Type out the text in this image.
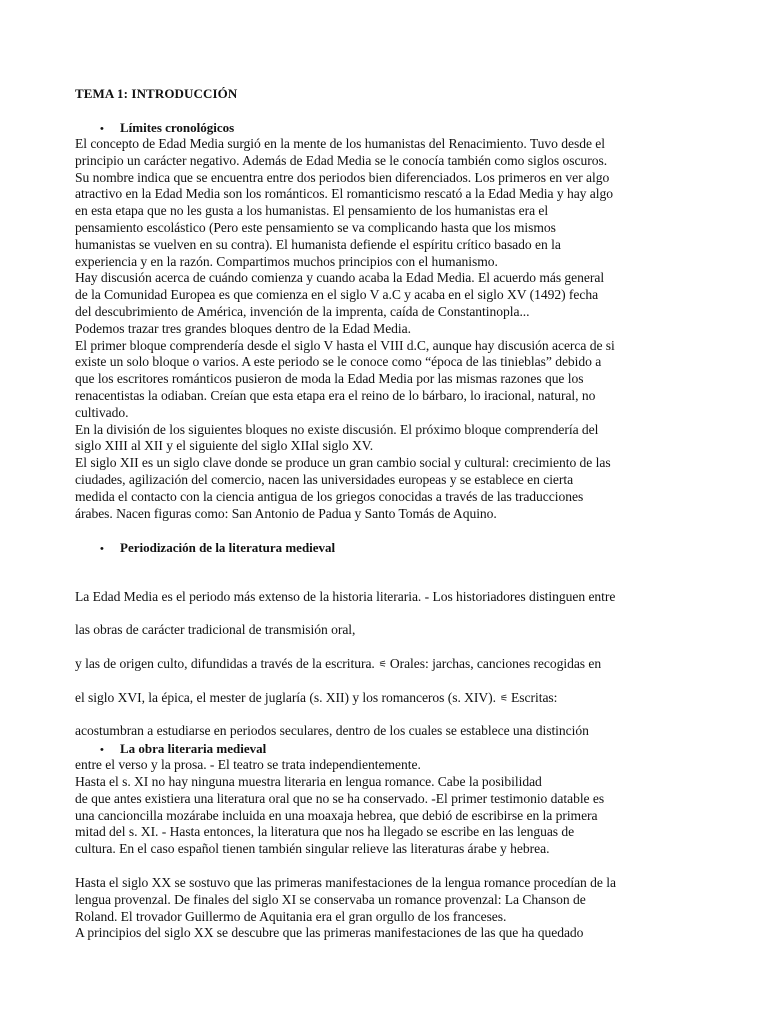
TEMA 1: INTRODUCCIÓN
• Límites cronológicos
El concepto de Edad Media surgió en la mente de los humanistas del Renacimiento. Tuvo desde el
principio un carácter negativo. Además de Edad Media se le conocía también como siglos oscuros.
Su nombre indica que se encuentra entre dos periodos bien diferenciados. Los primeros en ver algo
atractivo en la Edad Media son los románticos. El romanticismo rescató a la Edad Media y hay algo
en esta etapa que no les gusta a los humanistas. El pensamiento de los humanistas era el
pensamiento escolástico (Pero este pensamiento se va complicando hasta que los mismos
humanistas se vuelven en su contra). El humanista defiende el espíritu crítico basado en la
experiencia y en la razón. Compartimos muchos principios con el humanismo.
Hay discusión acerca de cuándo comienza y cuando acaba la Edad Media. El acuerdo más general
de la Comunidad Europea es que comienza en el siglo V a.C y acaba en el siglo XV (1492) fecha
del descubrimiento de América, invención de la imprenta, caída de Constantinopla...
Podemos trazar tres grandes bloques dentro de la Edad Media.
El primer bloque comprendería desde el siglo V hasta el VIII d.C, aunque hay discusión acerca de si
existe un solo bloque o varios. A este periodo se le conoce como “época de las tinieblas” debido a
que los escritores románticos pusieron de moda la Edad Media por las mismas razones que los
renacentistas la odiaban. Creían que esta etapa era el reino de lo bárbaro, lo iracional, natural, no
cultivado.
En la división de los siguientes bloques no existe discusión. El próximo bloque comprendería del
siglo XIII al XII y el siguiente del siglo XIIal siglo XV.
El siglo XII es un siglo clave donde se produce un gran cambio social y cultural: crecimiento de las
ciudades, agilización del comercio, nacen las universidades europeas y se establece en cierta
medida el contacto con la ciencia antigua de los griegos conocidas a través de las traducciones
árabes. Nacen figuras como: San Antonio de Padua y Santo Tomás de Aquino.
• Periodización de la literatura medieval

La Edad Media es el periodo más extenso de la historia literaria. - Los historiadores distinguen entre

las obras de carácter tradicional de transmisión oral,

y las de origen culto, difundidas a través de la escritura. ⚟ Orales: jarchas, canciones recogidas en

el siglo XVI, la épica, el mester de juglaría (s. XII) y los romanceros (s. XIV). ⚟ Escritas:

acostumbran a estudiarse en periodos seculares, dentro de los cuales se establece una distinción

entre el verso y la prosa. - El teatro se trata independientemente.

• La obra literaria medieval
Hasta el s. XI no hay ninguna muestra literaria en lengua romance. Cabe la posibilidad
de que antes existiera una literatura oral que no se ha conservado. -El primer testimonio datable es
una cancioncilla mozárabe incluida en una moaxaja hebrea, que debió de escribirse en la primera
mitad del s. XI. - Hasta entonces, la literatura que nos ha llegado se escribe en las lenguas de
cultura. En el caso español tienen también singular relieve las literaturas árabe y hebrea.
Hasta el siglo XX se sostuvo que las primeras manifestaciones de la lengua romance procedían de la
lengua provenzal. De finales del siglo XI se conservaba un romance provenzal: La Chanson de
Roland. El trovador Guillermo de Aquitania era el gran orgullo de los franceses.
A principios del siglo XX se descubre que las primeras manifestaciones de las que ha quedado
